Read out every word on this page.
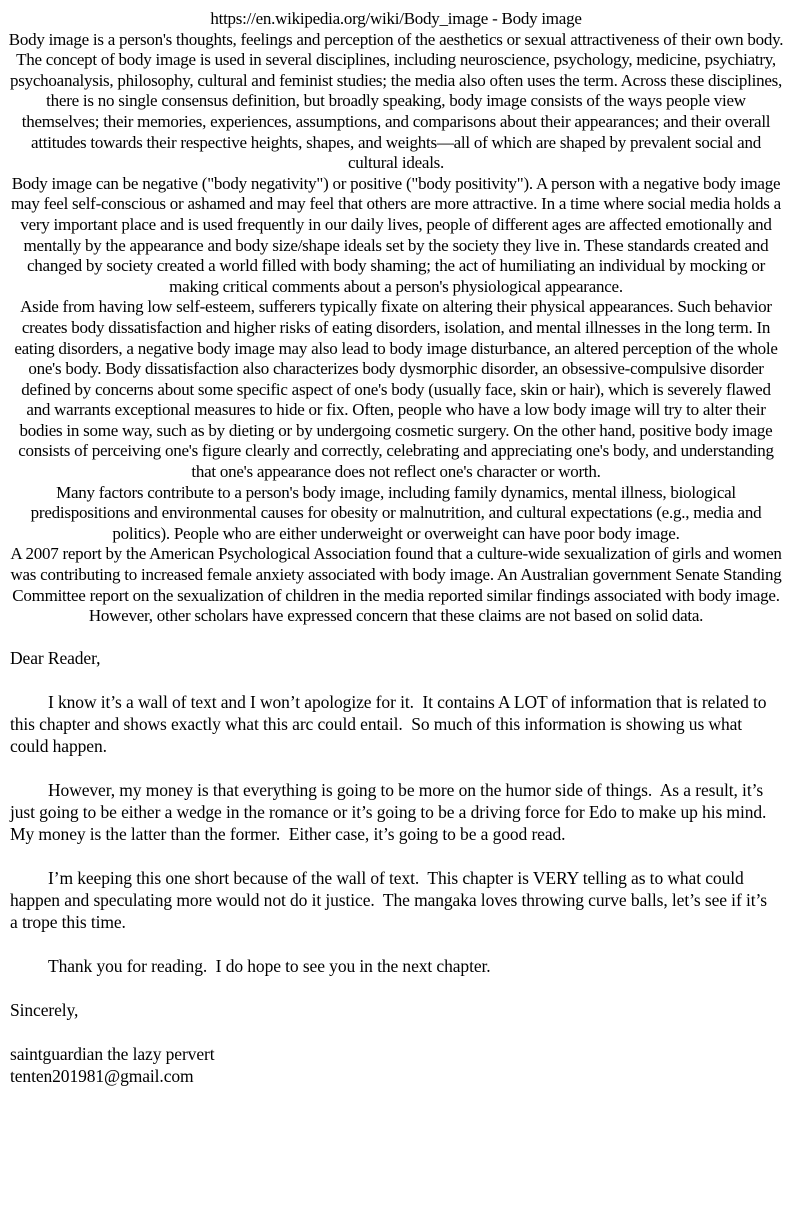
https://en.wikipedia.org/wiki/Body_image - Body image

Body image is a person's thoughts, feelings and perception of the aesthetics or sexual attractiveness of their own body. The concept of body image is used in several disciplines, including neuroscience, psychology, medicine, psychiatry, psychoanalysis, philosophy, cultural and feminist studies; the media also often uses the term. Across these disciplines, there is no single consensus definition, but broadly speaking, body image consists of the ways people view themselves; their memories, experiences, assumptions, and comparisons about their appearances; and their overall attitudes towards their respective heights, shapes, and weights—all of which are shaped by prevalent social and cultural ideals.

Body image can be negative ("body negativity") or positive ("body positivity"). A person with a negative body image may feel self-conscious or ashamed and may feel that others are more attractive. In a time where social media holds a very important place and is used frequently in our daily lives, people of different ages are affected emotionally and mentally by the appearance and body size/shape ideals set by the society they live in. These standards created and changed by society created a world filled with body shaming; the act of humiliating an individual by mocking or making critical comments about a person's physiological appearance.

Aside from having low self-esteem, sufferers typically fixate on altering their physical appearances. Such behavior creates body dissatisfaction and higher risks of eating disorders, isolation, and mental illnesses in the long term. In eating disorders, a negative body image may also lead to body image disturbance, an altered perception of the whole one's body. Body dissatisfaction also characterizes body dysmorphic disorder, an obsessive-compulsive disorder defined by concerns about some specific aspect of one's body (usually face, skin or hair), which is severely flawed and warrants exceptional measures to hide or fix. Often, people who have a low body image will try to alter their bodies in some way, such as by dieting or by undergoing cosmetic surgery. On the other hand, positive body image consists of perceiving one's figure clearly and correctly, celebrating and appreciating one's body, and understanding that one's appearance does not reflect one's character or worth.

Many factors contribute to a person's body image, including family dynamics, mental illness, biological predispositions and environmental causes for obesity or malnutrition, and cultural expectations (e.g., media and politics). People who are either underweight or overweight can have poor body image.

A 2007 report by the American Psychological Association found that a culture-wide sexualization of girls and women was contributing to increased female anxiety associated with body image. An Australian government Senate Standing Committee report on the sexualization of children in the media reported similar findings associated with body image. However, other scholars have expressed concern that these claims are not based on solid data.

Dear Reader,

I know it’s a wall of text and I won’t apologize for it.  It contains A LOT of information that is related to this chapter and shows exactly what this arc could entail.  So much of this information is showing us what could happen.

However, my money is that everything is going to be more on the humor side of things.  As a result, it’s just going to be either a wedge in the romance or it’s going to be a driving force for Edo to make up his mind.  My money is the latter than the former.  Either case, it’s going to be a good read.

I’m keeping this one short because of the wall of text.  This chapter is VERY telling as to what could happen and speculating more would not do it justice.  The mangaka loves throwing curve balls, let’s see if it’s a trope this time.

Thank you for reading.  I do hope to see you in the next chapter.

Sincerely,

saintguardian the lazy pervert

tenten201981@gmail.com
